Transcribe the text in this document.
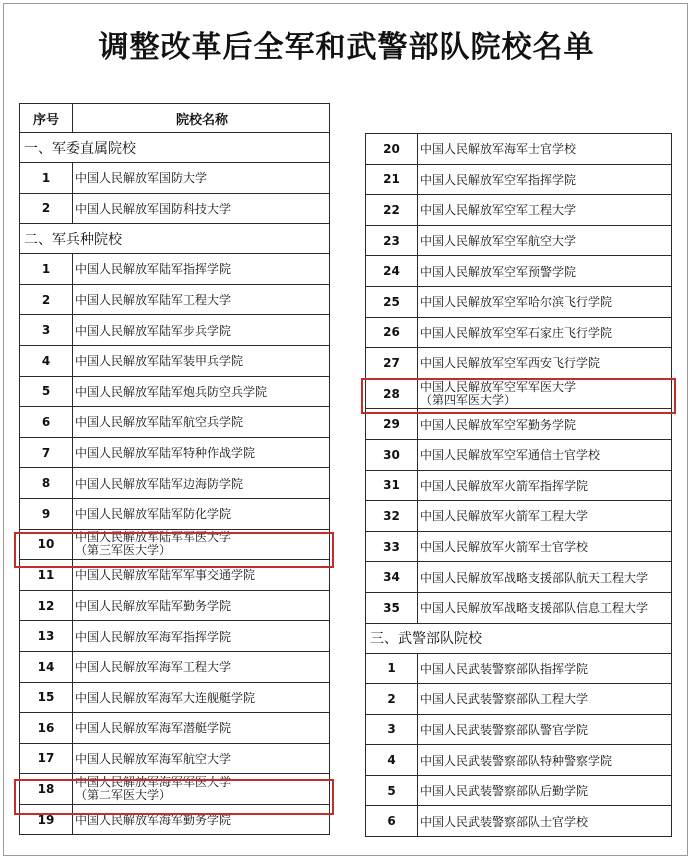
调整改革后全军和武警部队院校名单
序号	院校名称
一、军委直属院校	
1	中国人民解放军国防大学
2	中国人民解放军国防科技大学
二、军兵种院校	
1	中国人民解放军陆军指挥学院
2	中国人民解放军陆军工程大学
3	中国人民解放军陆军步兵学院
4	中国人民解放军陆军装甲兵学院
5	中国人民解放军陆军炮兵防空兵学院
6	中国人民解放军陆军航空兵学院
7	中国人民解放军陆军特种作战学院
8	中国人民解放军陆军边海防学院
9	中国人民解放军陆军防化学院
10	中国人民解放军陆军军医大学
（第三军医大学）

11	中国人民解放军陆军军事交通学院
12	中国人民解放军陆军勤务学院
13	中国人民解放军海军指挥学院
14	中国人民解放军海军工程大学
15	中国人民解放军海军大连舰艇学院
16	中国人民解放军海军潜艇学院
17	中国人民解放军海军航空大学
18	中国人民解放军海军军医大学
（第二军医大学）

19	中国人民解放军海军勤务学院
20	中国人民解放军海军士官学校
21	中国人民解放军空军指挥学院
22	中国人民解放军空军工程大学
23	中国人民解放军空军航空大学
24	中国人民解放军空军预警学院
25	中国人民解放军空军哈尔滨飞行学院
26	中国人民解放军空军石家庄飞行学院
27	中国人民解放军空军西安飞行学院
28	中国人民解放军空军军医大学
（第四军医大学）

29	中国人民解放军空军勤务学院
30	中国人民解放军空军通信士官学校
31	中国人民解放军火箭军指挥学院
32	中国人民解放军火箭军工程大学
33	中国人民解放军火箭军士官学校
34	中国人民解放军战略支援部队航天工程大学
35	中国人民解放军战略支援部队信息工程大学
三、武警部队院校	
1	中国人民武装警察部队指挥学院
2	中国人民武装警察部队工程大学
3	中国人民武装警察部队警官学院
4	中国人民武装警察部队特种警察学院
5	中国人民武装警察部队后勤学院
6	中国人民武装警察部队士官学校
